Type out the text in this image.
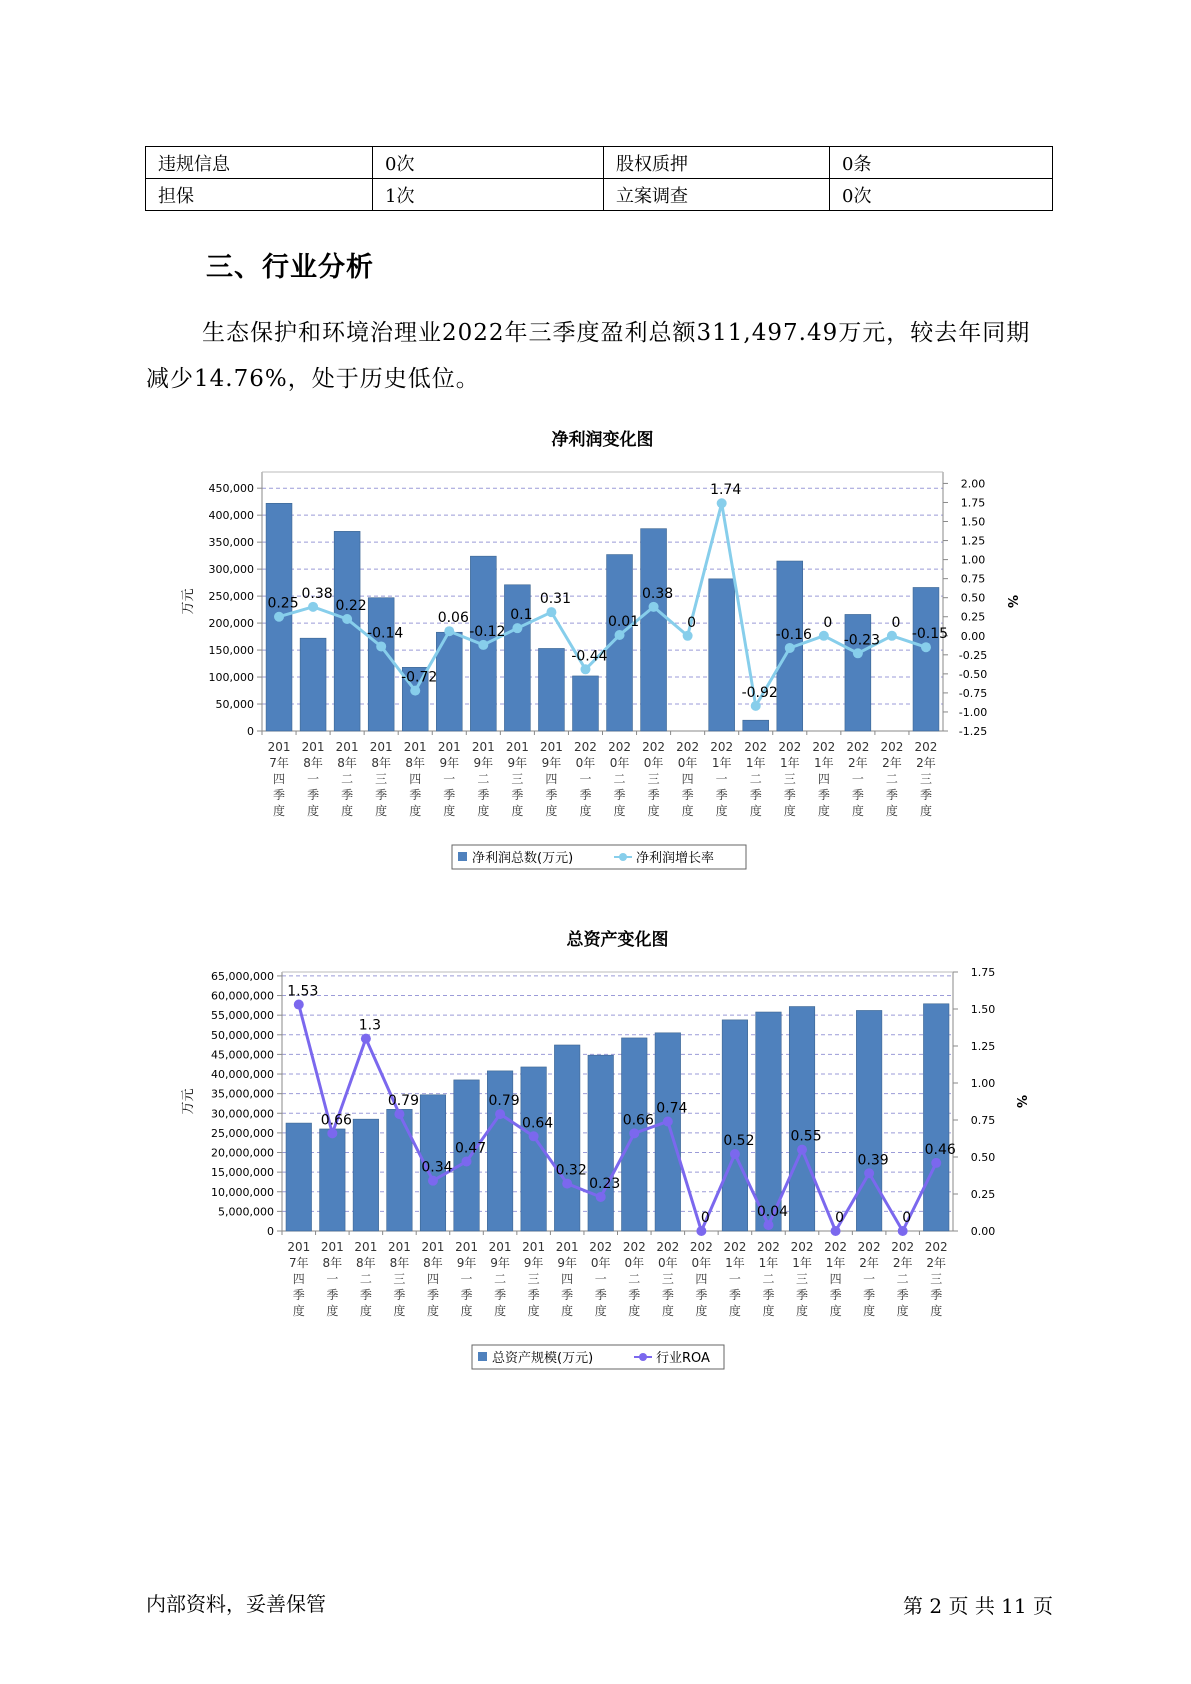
违规信息	0次	股权质押	0条
担保	1次	立案调查	0次
三、行业分析

生态保护和环境治理业2022年三季度盈利总额311,497.49万元，较去年同期减少14.76%，处于历史低位。

净利润变化图
0
50,000
100,000
150,000
200,000
250,000
300,000
350,000
400,000
450,000
-1.25
-1.00
-0.75
-0.50
-0.25
0.00
0.25
0.50
0.75
1.00
1.25
1.50
1.75
2.00
万元	%
201 7年四季度
201 8年一季度
201 8年二季度
201 8年三季度
201 8年四季度
201 9年一季度
201 9年二季度
201 9年三季度
201 9年四季度
202 0年一季度
202 0年二季度
202 0年三季度
202 0年四季度
202 1年一季度
202 1年二季度
202 1年三季度
202 1年四季度
202 2年一季度
202 2年二季度
202 2年三季度
0.25
0.38
0.22
-0.14
-0.72
0.06
-0.12
0.1
0.31
-0.44
0.01
0.38
0
1.74
-0.92
-0.16
0
-0.23
0
-0.15
净利润总数(万元)	净利润增长率
总资产变化图
0
5,000,000
10,000,000
15,000,000
20,000,000
25,000,000
30,000,000
35,000,000
40,000,000
45,000,000
50,000,000
55,000,000
60,000,000
65,000,000
0.00
0.25
0.50
0.75
1.00
1.25
1.50
1.75
万元	%
201 7年四季度
201 8年一季度
201 8年二季度
201 8年三季度
201 8年四季度
201 9年一季度
201 9年二季度
201 9年三季度
201 9年四季度
202 0年一季度
202 0年二季度
202 0年三季度
202 0年四季度
202 1年一季度
202 1年二季度
202 1年三季度
202 1年四季度
202 2年一季度
202 2年二季度
202 2年三季度
1.53
0.66
1.3
0.79
0.34
0.47
0.79
0.64
0.32
0.23
0.66
0.74
0
0.52
0.04
0.55
0
0.39
0
0.46
总资产规模(万元)	行业ROA
内部资料，妥善保管	第 2 页 共 11 页
